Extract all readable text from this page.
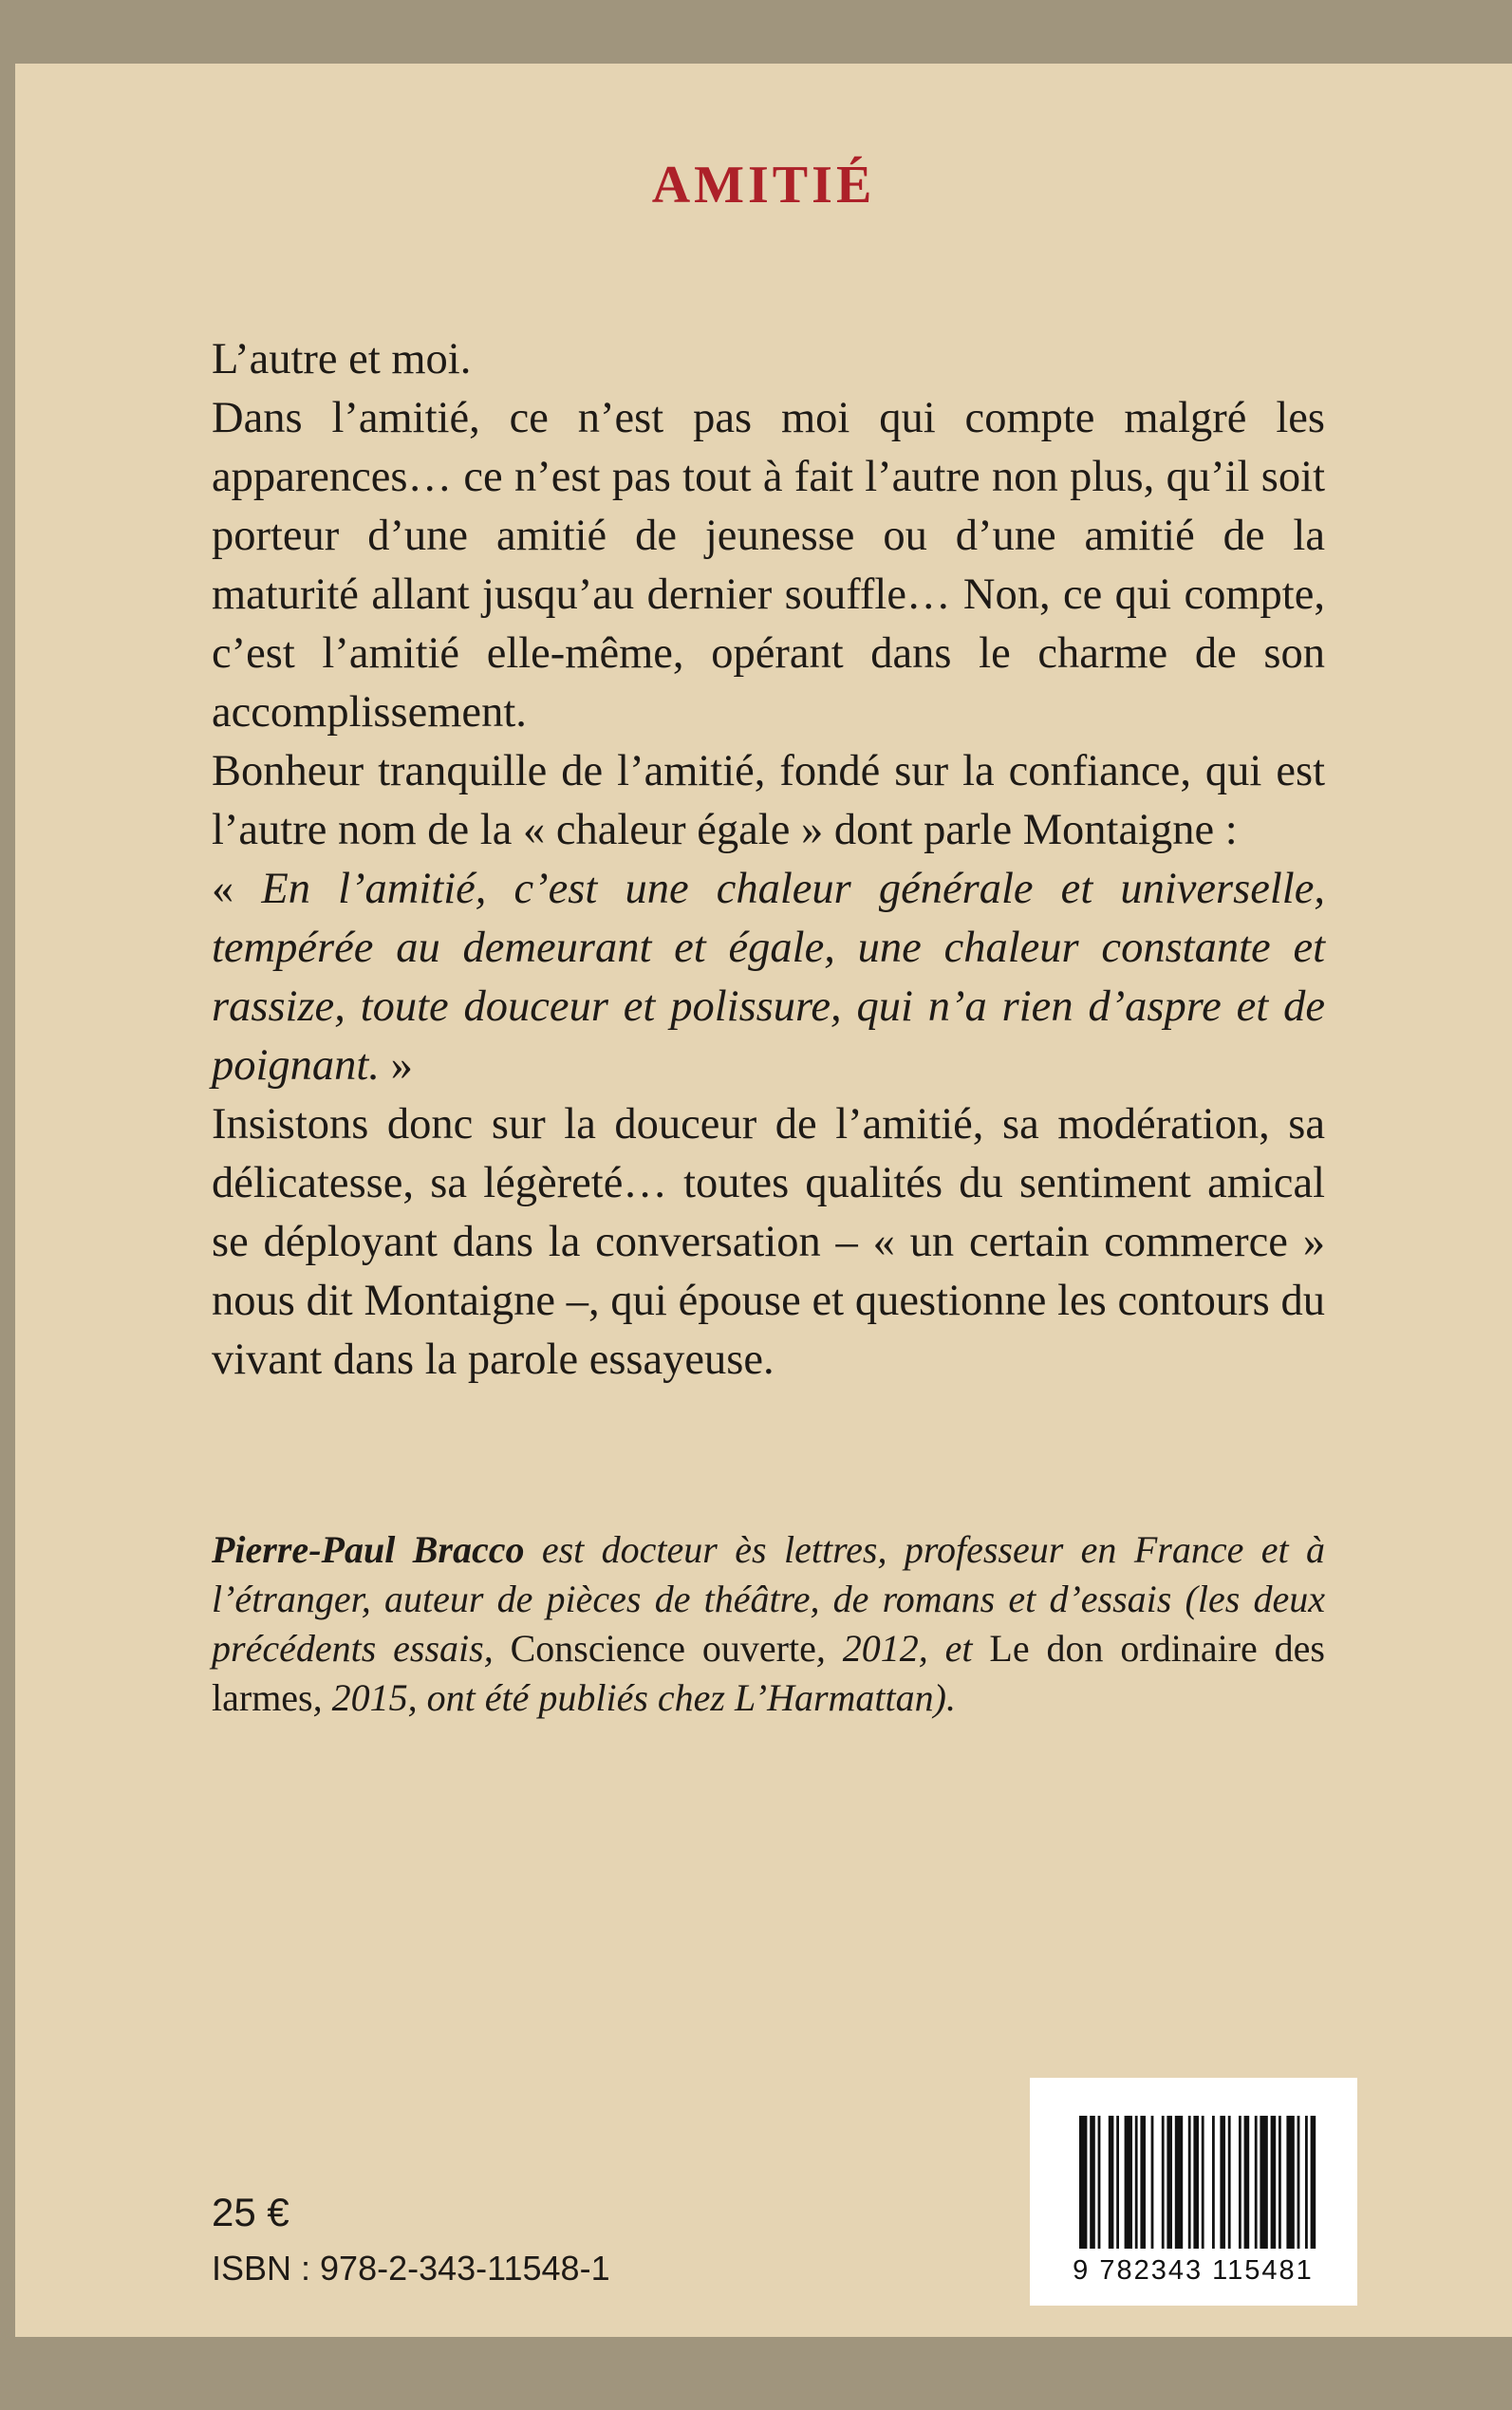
AMITIÉ

L’autre et moi.

Dans l’amitié, ce n’est pas moi qui compte malgré les apparences… ce n’est pas tout à fait l’autre non plus, qu’il soit porteur d’une amitié de jeunesse ou d’une amitié de la maturité allant jusqu’au dernier souffle… Non, ce qui compte, c’est l’amitié elle-même, opérant dans le charme de son accomplissement.

Bonheur tranquille de l’amitié, fondé sur la confiance, qui est l’autre nom de la « chaleur égale » dont parle Montaigne :

« En l’amitié, c’est une chaleur générale et universelle, tempérée au demeurant et égale, une chaleur constante et rassize, toute douceur et polissure, qui n’a rien d’aspre et de poignant. »

Insistons donc sur la douceur de l’amitié, sa modération, sa délicatesse, sa légèreté… toutes qualités du sentiment amical se déployant dans la conversation – « un certain commerce » nous dit Montaigne –, qui épouse et questionne les contours du vivant dans la parole essayeuse.

Pierre-Paul Bracco est docteur ès lettres, professeur en France et à l’étranger, auteur de pièces de théâtre, de romans et d’essais (les deux précédents essais, Conscience ouverte, 2012, et Le don ordinaire des larmes, 2015, ont été publiés chez L’Harmattan).

25 €
ISBN : 978-2-343-11548-1	9 782343 115481
